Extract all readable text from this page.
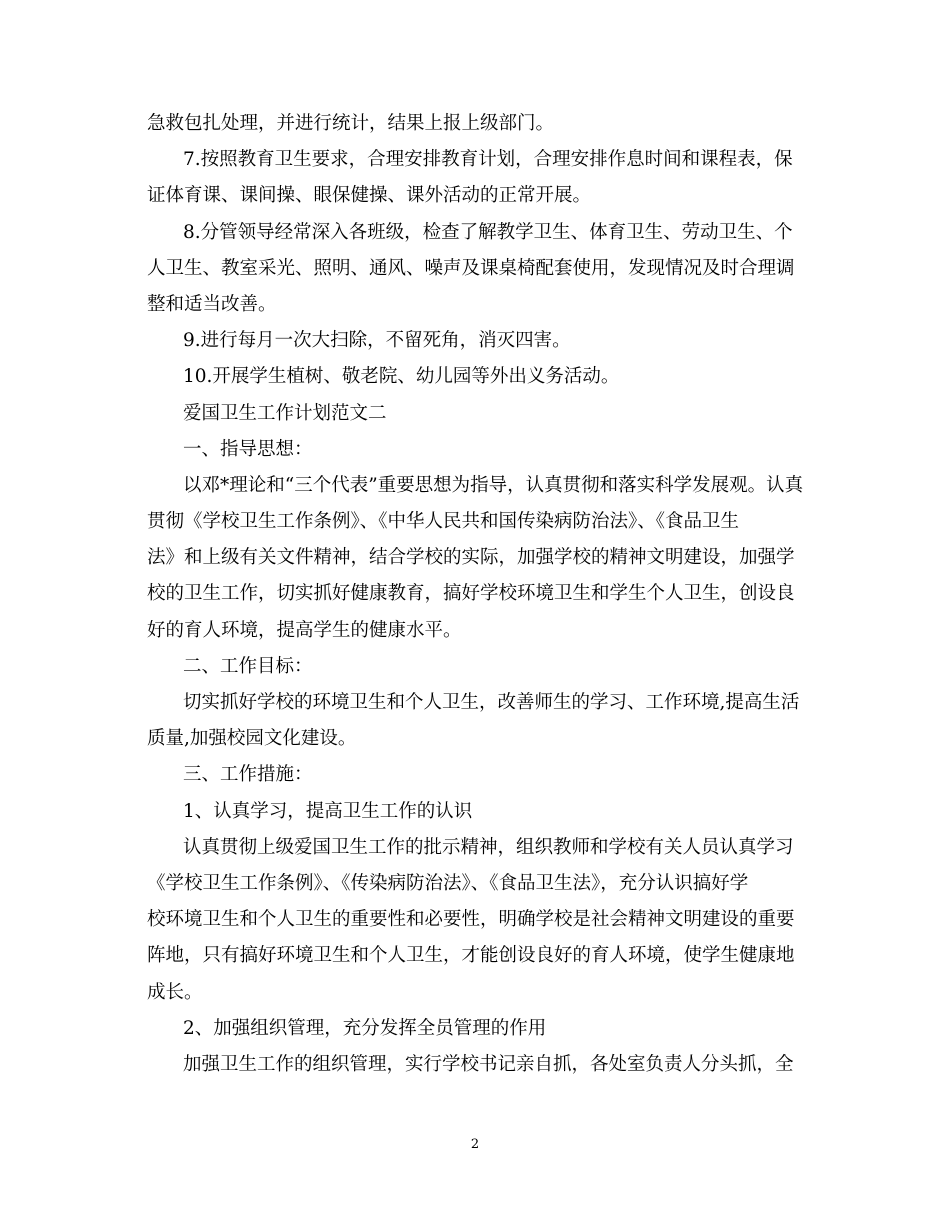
急救包扎处理，并进行统计，结果上报上级部门。
7.按照教育卫生要求，合理安排教育计划，合理安排作息时间和课程表，保
证体育课、课间操、眼保健操、课外活动的正常开展。
8.分管领导经常深入各班级，检查了解教学卫生、体育卫生、劳动卫生、个
人卫生、教室采光、照明、通风、噪声及课桌椅配套使用，发现情况及时合理调
整和适当改善。
9.进行每月一次大扫除，不留死角，消灭四害。
10.开展学生植树、敬老院、幼儿园等外出义务活动。
爱国卫生工作计划范文二
一、指导思想：
以邓*理论和“三个代表”重要思想为指导，认真贯彻和落实科学发展观。认真
贯彻《学校卫生工作条例》、《中华人民共和国传染病防治法》、《食品卫生
法》和上级有关文件精神，结合学校的实际，加强学校的精神文明建设，加强学
校的卫生工作，切实抓好健康教育，搞好学校环境卫生和学生个人卫生，创设良
好的育人环境，提高学生的健康水平。
二、工作目标：
切实抓好学校的环境卫生和个人卫生，改善师生的学习、工作环境,提高生活
质量,加强校园文化建设。
三、工作措施：
1、认真学习，提高卫生工作的认识
认真贯彻上级爱国卫生工作的批示精神，组织教师和学校有关人员认真学习
《学校卫生工作条例》、《传染病防治法》、《食品卫生法》，充分认识搞好学
校环境卫生和个人卫生的重要性和必要性，明确学校是社会精神文明建设的重要
阵地，只有搞好环境卫生和个人卫生，才能创设良好的育人环境，使学生健康地
成长。
2、加强组织管理，充分发挥全员管理的作用
加强卫生工作的组织管理，实行学校书记亲自抓，各处室负责人分头抓，全
2
